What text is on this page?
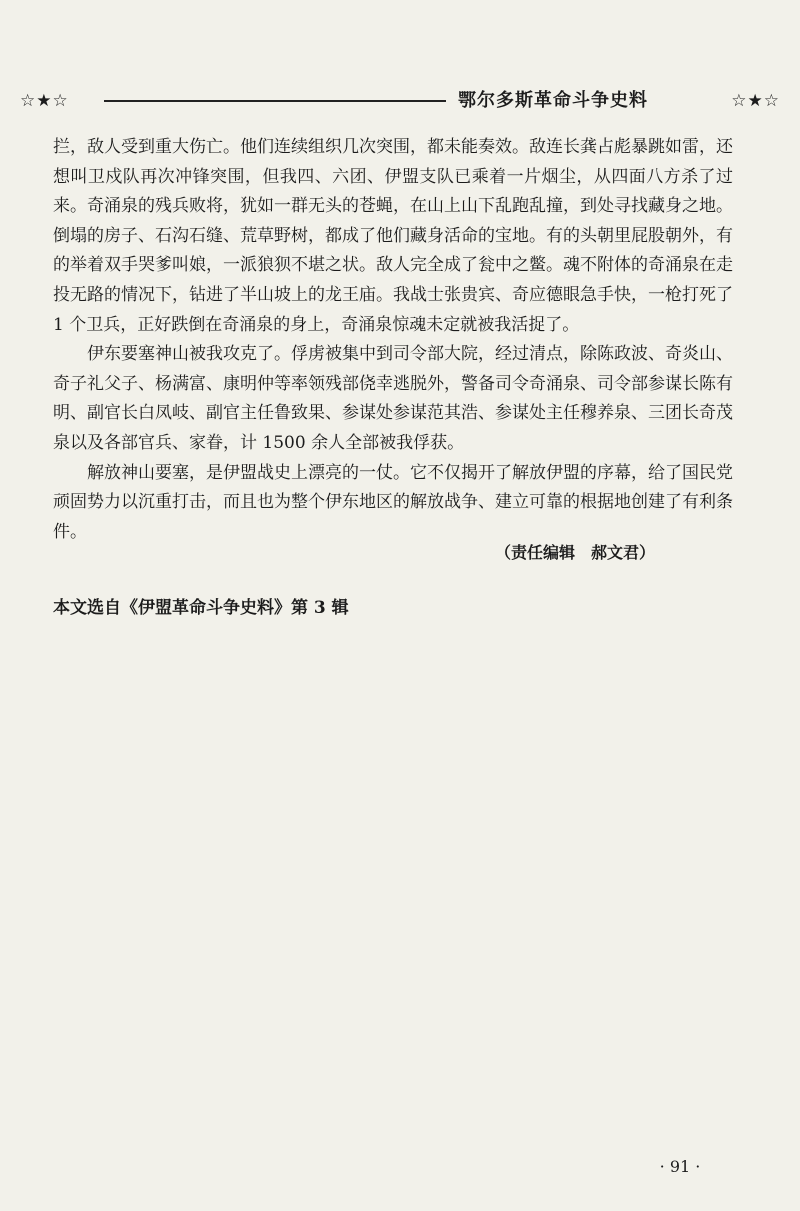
☆★☆	鄂尔多斯革命斗争史料	☆★☆

拦，敌人受到重大伤亡。他们连续组织几次突围，都未能奏效。敌连长龚占彪暴跳如雷，还想叫卫戍队再次冲锋突围，但我四、六团、伊盟支队已乘着一片烟尘，从四面八方杀了过来。奇涌泉的残兵败将，犹如一群无头的苍蝇，在山上山下乱跑乱撞，到处寻找藏身之地。倒塌的房子、石沟石缝、荒草野树，都成了他们藏身活命的宝地。有的头朝里屁股朝外，有的举着双手哭爹叫娘，一派狼狈不堪之状。敌人完全成了瓮中之鳖。魂不附体的奇涌泉在走投无路的情况下，钻进了半山坡上的龙王庙。我战士张贵宾、奇应德眼急手快，一枪打死了 1 个卫兵，正好跌倒在奇涌泉的身上，奇涌泉惊魂未定就被我活捉了。

伊东要塞神山被我攻克了。俘虏被集中到司令部大院，经过清点，除陈政波、奇炎山、奇子礼父子、杨满富、康明仲等率领残部侥幸逃脱外，警备司令奇涌泉、司令部参谋长陈有明、副官长白凤岐、副官主任鲁致果、参谋处参谋范其浩、参谋处主任穆养泉、三团长奇茂泉以及各部官兵、家眷，计 1500 余人全部被我俘获。

解放神山要塞，是伊盟战史上漂亮的一仗。它不仅揭开了解放伊盟的序幕，给了国民党顽固势力以沉重打击，而且也为整个伊东地区的解放战争、建立可靠的根据地创建了有利条件。

（责任编辑　郝文君）
本文选自《伊盟革命斗争史料》第 3 辑
· 91 ·
